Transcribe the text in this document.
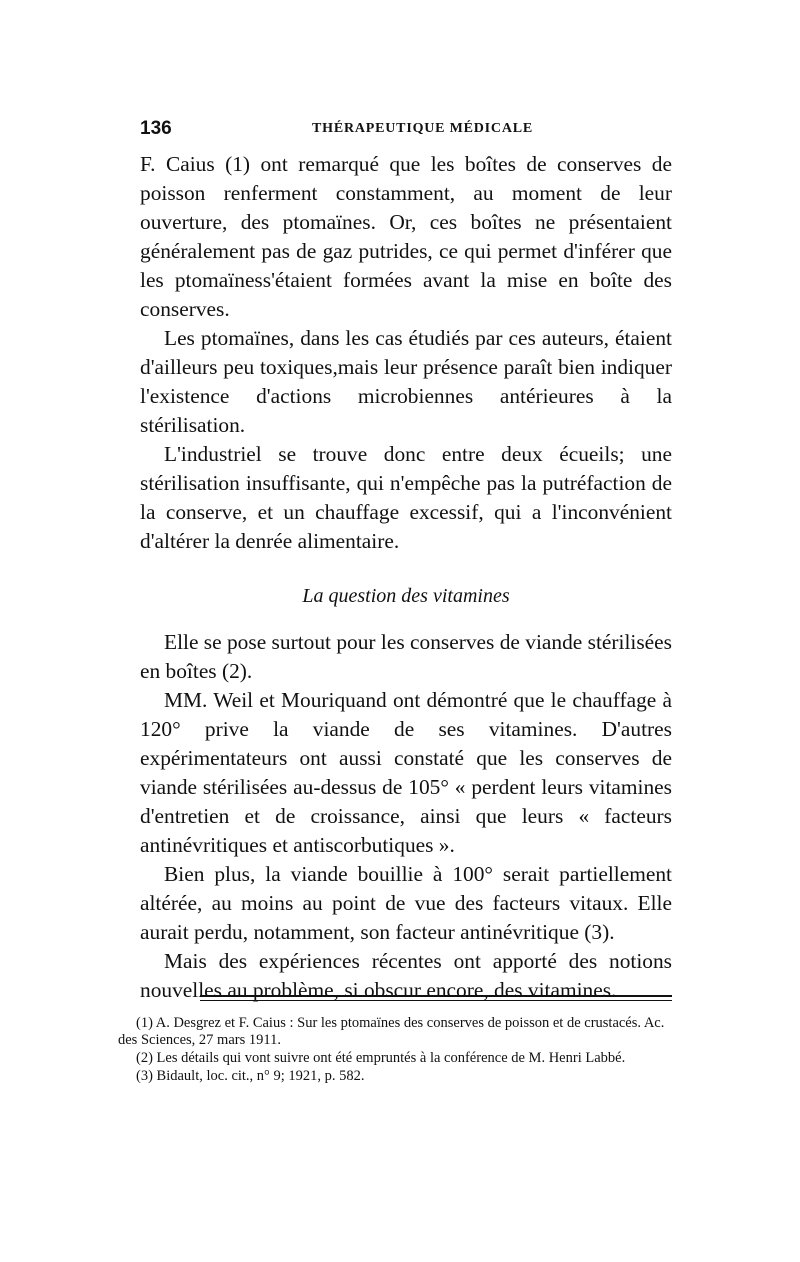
136	THÉRAPEUTIQUE MÉDICALE

F. Caius (1) ont remarqué que les boîtes de conserves de poisson renferment constamment, au moment de leur ouverture, des ptomaïnes. Or, ces boîtes ne présentaient généralement pas de gaz putrides, ce qui permet d'inférer que les ptomaïness'étaient formées avant la mise en boîte des conserves.

Les ptomaïnes, dans les cas étudiés par ces auteurs, étaient d'ailleurs peu toxiques,mais leur présence paraît bien indiquer l'existence d'actions microbiennes antérieures à la stérilisation.

L'industriel se trouve donc entre deux écueils; une stérilisation insuffisante, qui n'empêche pas la putréfaction de la conserve, et un chauffage excessif, qui a l'inconvénient d'altérer la denrée alimentaire.

La question des vitamines

Elle se pose surtout pour les conserves de viande stérilisées en boîtes (2).

MM. Weil et Mouriquand ont démontré que le chauffage à 120° prive la viande de ses vitamines. D'autres expérimentateurs ont aussi constaté que les conserves de viande stérilisées au-dessus de 105° « perdent leurs vitamines d'entretien et de croissance, ainsi que leurs « facteurs antinévritiques et antiscorbutiques ».

Bien plus, la viande bouillie à 100° serait partiellement altérée, au moins au point de vue des facteurs vitaux. Elle aurait perdu, notamment, son facteur antinévritique (3).

Mais des expériences récentes ont apporté des notions nouvelles au problème, si obscur encore, des vitamines.

(1) A. Desgrez et F. Caius : Sur les ptomaïnes des conserves de poisson et de crustacés. Ac. des Sciences, 27 mars 1911.

(2) Les détails qui vont suivre ont été empruntés à la conférence de M. Henri Labbé.

(3) Bidault, loc. cit., n° 9; 1921, p. 582.
